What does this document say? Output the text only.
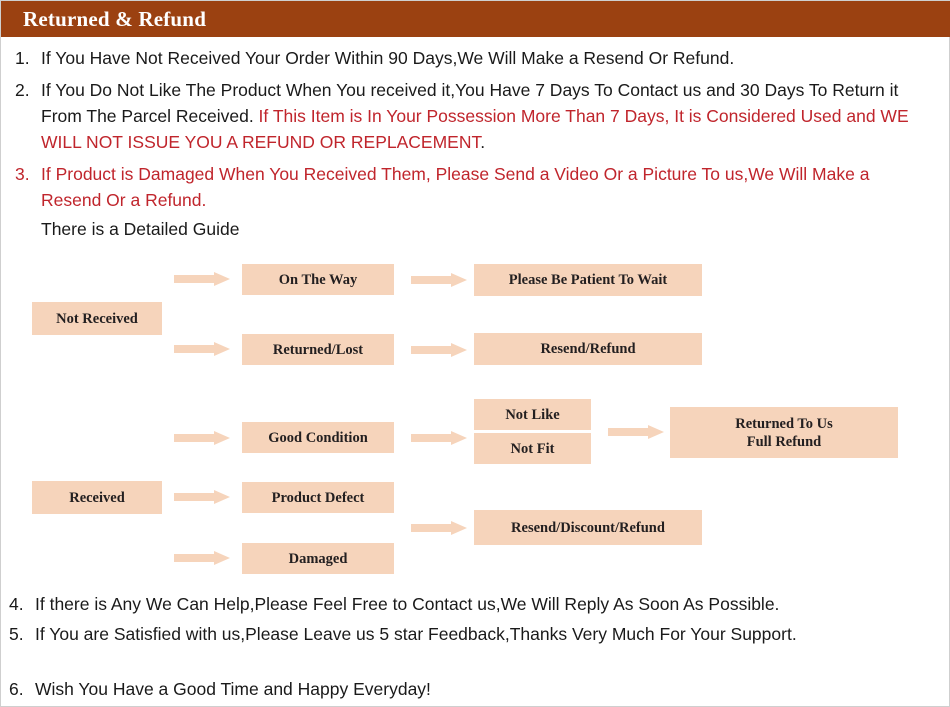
Returned & Refund
1. If You Have Not Received Your Order Within 90 Days,We Will Make a Resend Or Refund.
2. If You Do Not Like The Product When You received it,You Have 7 Days To Contact us and 30 Days To Return it From The Parcel Received. If This Item is In Your Possession More Than 7 Days, It is Considered Used and WE WILL NOT ISSUE YOU A REFUND OR REPLACEMENT.
3. If Product is Damaged When You Received Them, Please Send a Video Or a Picture To us,We Will Make a Resend Or a Refund.
There is a Detailed Guide
Not Received
On The Way	Please Be Patient To Wait
Returned/Lost	Resend/Refund
Received
Good Condition
Not Like
Not Fit
Returned To Us
Full Refund
Product Defect
Resend/Discount/Refund
Damaged
4. If there is Any We Can Help,Please Feel Free to Contact us,We Will Reply As Soon As Possible.
5. If You are Satisfied with us,Please Leave us 5 star Feedback,Thanks Very Much For Your Support.
6. Wish You Have a Good Time and Happy Everyday!
